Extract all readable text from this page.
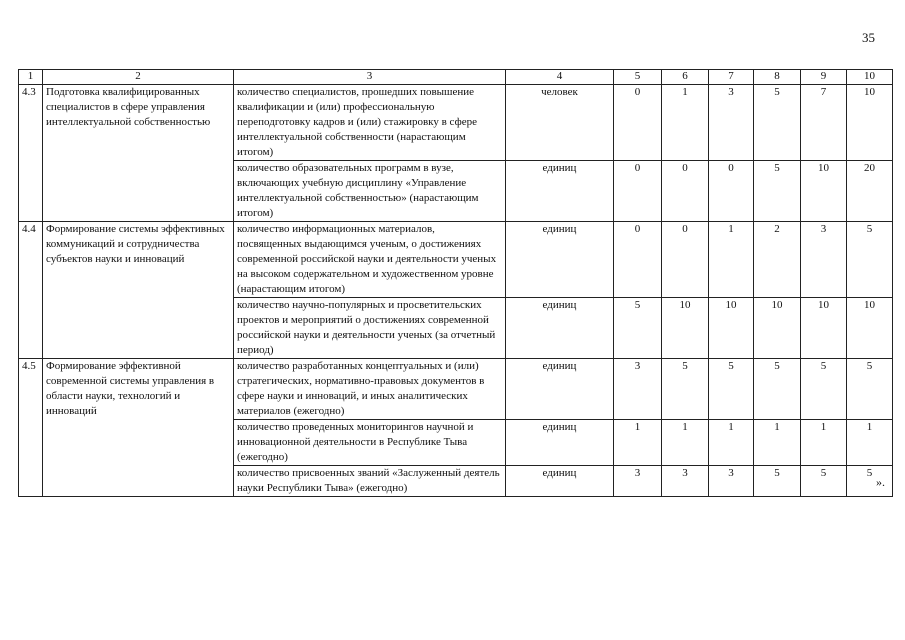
35
1	2	3	4	5	6	7	8	9	10
4.3	Подготовка квалифицированных специалистов в сфере управления интеллектуальной собственностью	количество специалистов, прошедших повышение квалификации и (или) профессиональную переподготовку кадров и (или) стажировку в сфере интеллектуальной собственности (нарастающим итогом)	человек	0	1	3	5	7	10
		количество образовательных программ в вузе, включающих учебную дисциплину «Управление интеллектуальной собственностью» (нарастающим итогом)	единиц	0	0	0	5	10	20
4.4	Формирование системы эффективных коммуникаций и сотрудничества субъектов науки и инноваций	количество информационных материалов, посвященных выдающимся ученым, о достижениях современной российской науки и деятельности ученых на высоком содержательном и художественном уровне (нарастающим итогом)	единиц	0	0	1	2	3	5
		количество научно-популярных и просветительских проектов и мероприятий о достижениях современной российской науки и деятельности ученых (за отчетный период)	единиц	5	10	10	10	10	10
4.5	Формирование эффективной современной системы управления в области науки, технологий и инноваций	количество разработанных концептуальных и (или) стратегических, нормативно-правовых документов в сфере науки и инноваций, и иных аналитических материалов (ежегодно)	единиц	3	5	5	5	5	5
		количество проведенных мониторингов научной и инновационной деятельности в Республике Тыва (ежегодно)	единиц	1	1	1	1	1	1
		количество присвоенных званий «Заслуженный деятель науки Республики Тыва» (ежегодно)	единиц	3	3	3	5	5	5
».
